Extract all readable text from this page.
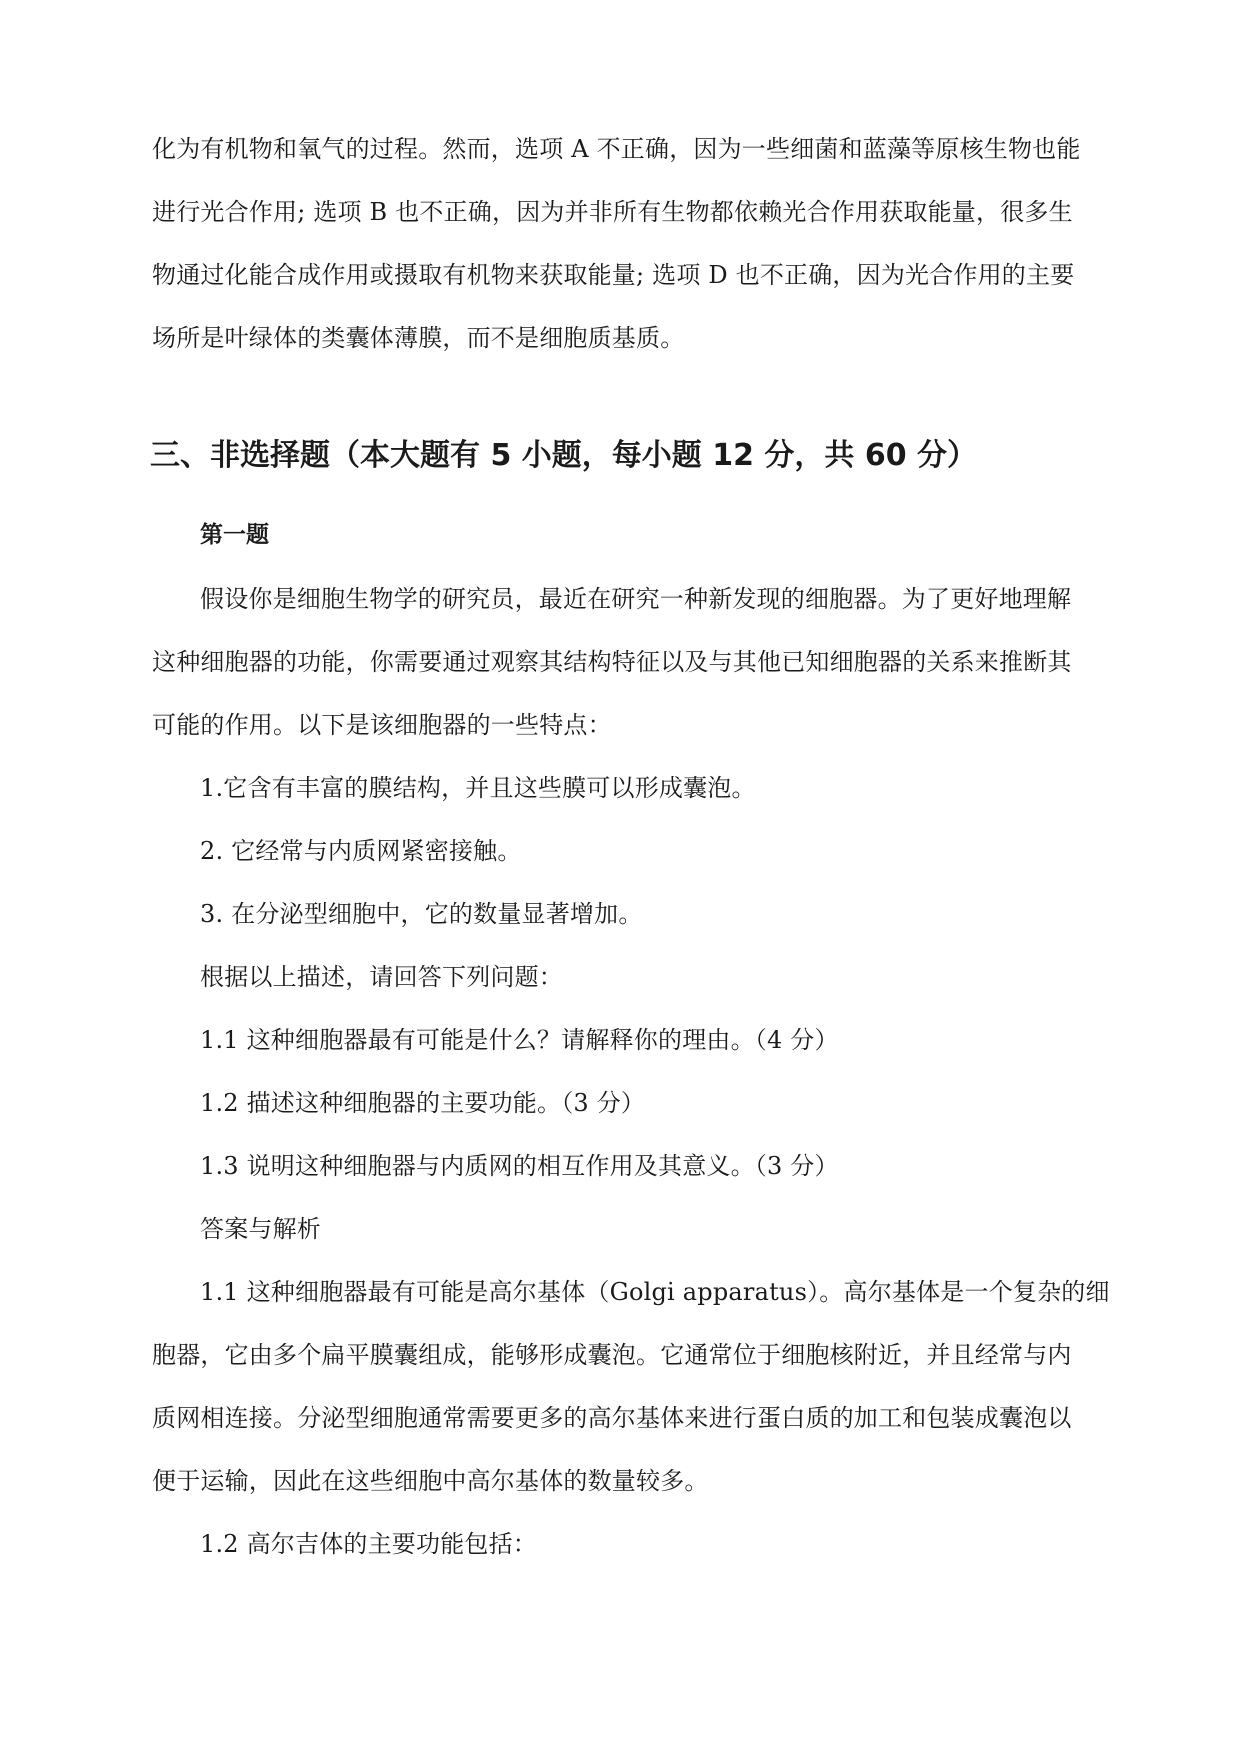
化为有机物和氧气的过程。然而，选项 A 不正确，因为一些细菌和蓝藻等原核生物也能
进行光合作用; 选项 B 也不正确，因为并非所有生物都依赖光合作用获取能量，很多生
物通过化能合成作用或摄取有机物来获取能量; 选项 D 也不正确，因为光合作用的主要
场所是叶绿体的类囊体薄膜，而不是细胞质基质。
三、非选择题（本大题有 5 小题，每小题 12 分，共 60 分）
第一题
假设你是细胞生物学的研究员，最近在研究一种新发现的细胞器。为了更好地理解
这种细胞器的功能，你需要通过观察其结构特征以及与其他已知细胞器的关系来推断其
可能的作用。以下是该细胞器的一些特点：
1.它含有丰富的膜结构，并且这些膜可以形成囊泡。
2. 它经常与内质网紧密接触。
3. 在分泌型细胞中，它的数量显著增加。
根据以上描述，请回答下列问题：
1.1 这种细胞器最有可能是什么？请解释你的理由。（4 分）
1.2 描述这种细胞器的主要功能。（3 分）
1.3 说明这种细胞器与内质网的相互作用及其意义。（3 分）
答案与解析
1.1 这种细胞器最有可能是高尔基体（Golgi apparatus）。高尔基体是一个复杂的细
胞器，它由多个扁平膜囊组成，能够形成囊泡。它通常位于细胞核附近，并且经常与内
质网相连接。分泌型细胞通常需要更多的高尔基体来进行蛋白质的加工和包装成囊泡以
便于运输，因此在这些细胞中高尔基体的数量较多。
1.2 高尔吉体的主要功能包括：
